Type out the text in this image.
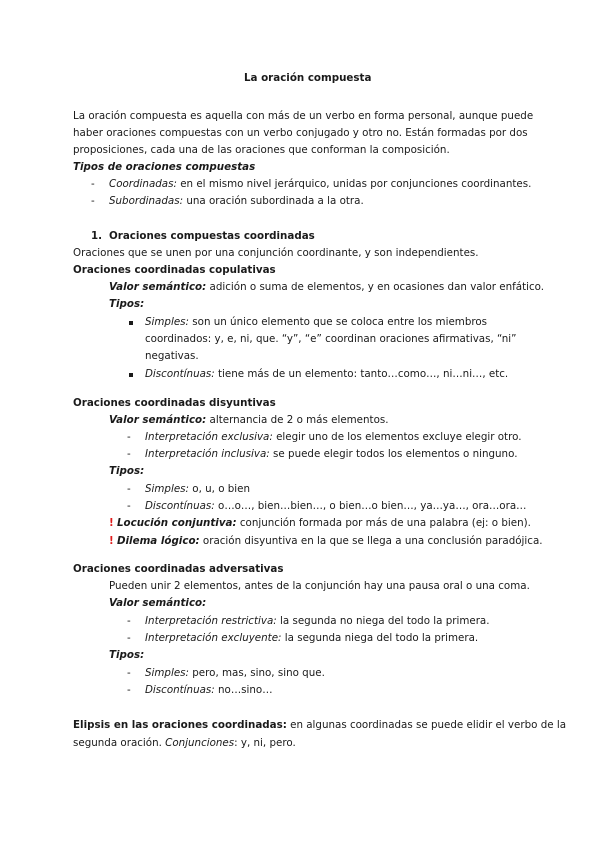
La oración compuesta
La oración compuesta es aquella con más de un verbo en forma personal, aunque puede
haber oraciones compuestas con un verbo conjugado y otro no. Están formadas por dos
proposiciones, cada una de las oraciones que conforman la composición.
Tipos de oraciones compuestas
- Coordinadas: en el mismo nivel jerárquico, unidas por conjunciones coordinantes.
- Subordinadas: una oración subordinada a la otra.
1. Oraciones compuestas coordinadas
Oraciones que se unen por una conjunción coordinante, y son independientes.
Oraciones coordinadas copulativas
Valor semántico: adición o suma de elementos, y en ocasiones dan valor enfático.
Tipos:
Simples: son un único elemento que se coloca entre los miembros
coordinados: y, e, ni, que. “y”, “e” coordinan oraciones afirmativas, “ni”
negativas.
Discontínuas: tiene más de un elemento: tanto…como…, ni…ni…, etc.
Oraciones coordinadas disyuntivas
Valor semántico: alternancia de 2 o más elementos.
- Interpretación exclusiva: elegir uno de los elementos excluye elegir otro.
- Interpretación inclusiva: se puede elegir todos los elementos o ninguno.
Tipos:
- Simples: o, u, o bien
- Discontínuas: o…o…, bien…bien…, o bien…o bien…, ya…ya…, ora…ora…
! Locución conjuntiva: conjunción formada por más de una palabra (ej: o bien).
! Dilema lógico: oración disyuntiva en la que se llega a una conclusión paradójica.
Oraciones coordinadas adversativas
Pueden unir 2 elementos, antes de la conjunción hay una pausa oral o una coma.
Valor semántico:
- Interpretación restrictiva: la segunda no niega del todo la primera.
- Interpretación excluyente: la segunda niega del todo la primera.
Tipos:
- Simples: pero, mas, sino, sino que.
- Discontínuas: no…sino…
Elipsis en las oraciones coordinadas: en algunas coordinadas se puede elidir el verbo de la
segunda oración. Conjunciones: y, ni, pero.
